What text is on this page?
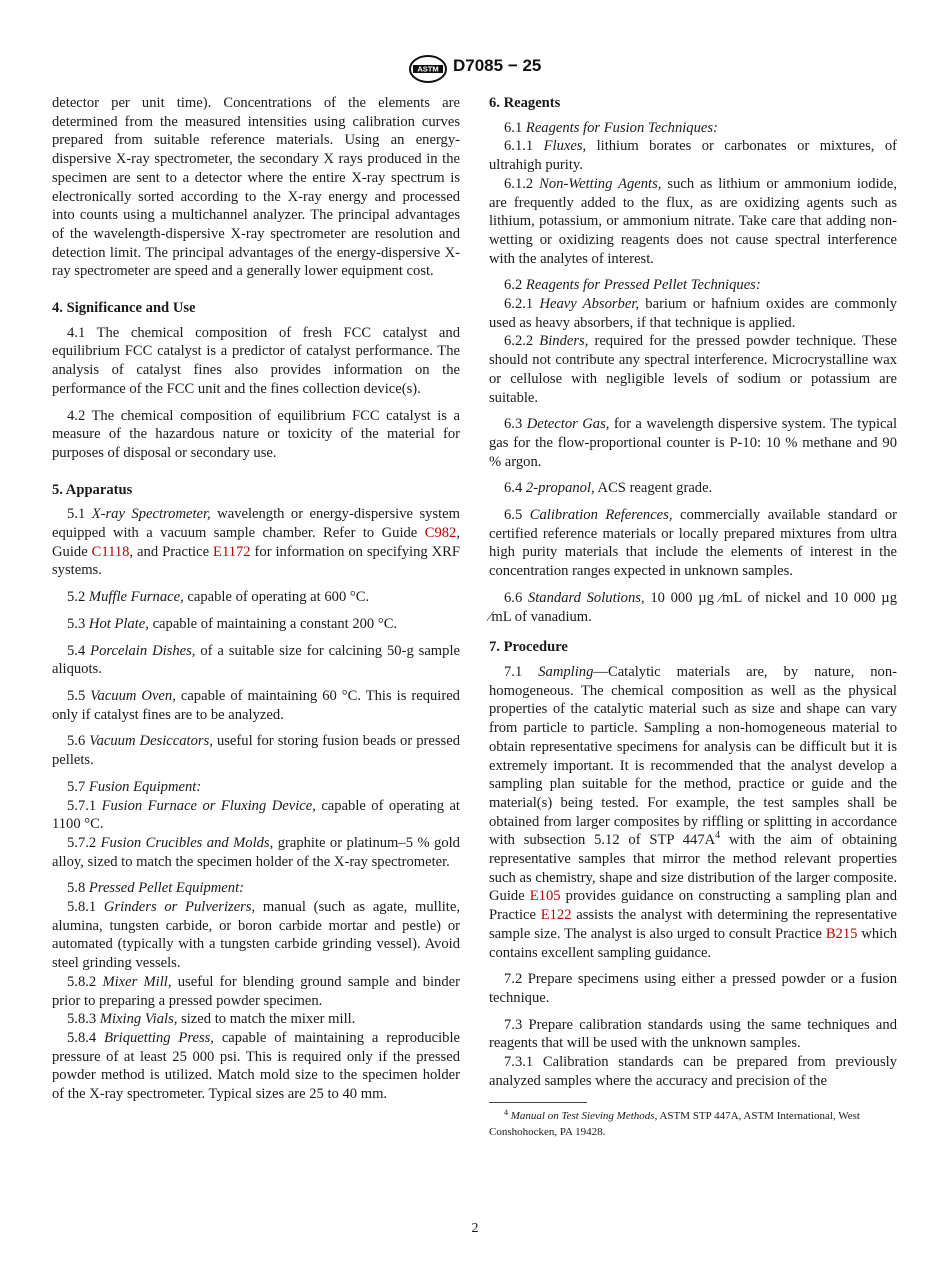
ASTM D7085 − 25

detector per unit time). Concentrations of the elements are determined from the measured intensities using calibration curves prepared from suitable reference materials. Using an energy-dispersive X-ray spectrometer, the secondary X rays produced in the specimen are sent to a detector where the entire X-ray spectrum is electronically sorted according to the X-ray energy and processed into counts using a multichannel analyzer. The principal advantages of the wavelength-dispersive X-ray spectrometer are resolution and detection limit. The principal advantages of the energy-dispersive X-ray spectrometer are speed and a generally lower equipment cost.

4. Significance and Use

4.1 The chemical composition of fresh FCC catalyst and equilibrium FCC catalyst is a predictor of catalyst performance. The analysis of catalyst fines also provides information on the performance of the FCC unit and the fines collection device(s).

4.2 The chemical composition of equilibrium FCC catalyst is a measure of the hazardous nature or toxicity of the material for purposes of disposal or secondary use.

5. Apparatus

5.1 X-ray Spectrometer, wavelength or energy-dispersive system equipped with a vacuum sample chamber. Refer to Guide C982, Guide C1118, and Practice E1172 for information on specifying XRF systems.

5.2 Muffle Furnace, capable of operating at 600 °C.

5.3 Hot Plate, capable of maintaining a constant 200 °C.

5.4 Porcelain Dishes, of a suitable size for calcining 50-g sample aliquots.

5.5 Vacuum Oven, capable of maintaining 60 °C. This is required only if catalyst fines are to be analyzed.

5.6 Vacuum Desiccators, useful for storing fusion beads or pressed pellets.

5.7 Fusion Equipment:

5.7.1 Fusion Furnace or Fluxing Device, capable of operating at 1100 °C.

5.7.2 Fusion Crucibles and Molds, graphite or platinum–5 % gold alloy, sized to match the specimen holder of the X-ray spectrometer.

5.8 Pressed Pellet Equipment:

5.8.1 Grinders or Pulverizers, manual (such as agate, mullite, alumina, tungsten carbide, or boron carbide mortar and pestle) or automated (typically with a tungsten carbide grinding vessel). Avoid steel grinding vessels.

5.8.2 Mixer Mill, useful for blending ground sample and binder prior to preparing a pressed powder specimen.

5.8.3 Mixing Vials, sized to match the mixer mill.

5.8.4 Briquetting Press, capable of maintaining a reproducible pressure of at least 25 000 psi. This is required only if the pressed powder method is utilized. Match mold size to the specimen holder of the X-ray spectrometer. Typical sizes are 25 to 40 mm.

6. Reagents

6.1 Reagents for Fusion Techniques:

6.1.1 Fluxes, lithium borates or carbonates or mixtures, of ultrahigh purity.

6.1.2 Non-Wetting Agents, such as lithium or ammonium iodide, are frequently added to the flux, as are oxidizing agents such as lithium, potassium, or ammonium nitrate. Take care that adding non-wetting or oxidizing reagents does not cause spectral interference with the analytes of interest.

6.2 Reagents for Pressed Pellet Techniques:

6.2.1 Heavy Absorber, barium or hafnium oxides are commonly used as heavy absorbers, if that technique is applied.

6.2.2 Binders, required for the pressed powder technique. These should not contribute any spectral interference. Microcrystalline wax or cellulose with negligible levels of sodium or potassium are suitable.

6.3 Detector Gas, for a wavelength dispersive system. The typical gas for the flow-proportional counter is P-10: 10 % methane and 90 % argon.

6.4 2-propanol, ACS reagent grade.

6.5 Calibration References, commercially available standard or certified reference materials or locally prepared mixtures from ultra high purity materials that include the elements of interest in the concentration ranges expected in unknown samples.

6.6 Standard Solutions, 10 000 µg ⁄mL of nickel and 10 000 µg ⁄mL of vanadium.

7. Procedure

7.1 Sampling—Catalytic materials are, by nature, non-homogeneous. The chemical composition as well as the physical properties of the catalytic material such as size and shape can vary from particle to particle. Sampling a non-homogeneous material to obtain representative specimens for analysis can be difficult but it is extremely important. It is recommended that the analyst develop a sampling plan suitable for the method, practice or guide and the material(s) being tested. For example, the test samples shall be obtained from larger composites by riffling or splitting in accordance with subsection 5.12 of STP $447A^4$ with the aim of obtaining representative samples that mirror the method relevant properties such as chemistry, shape and size distribution of the larger composite. Guide E105 provides guidance on constructing a sampling plan and Practice E122 assists the analyst with determining the representative sample size. The analyst is also urged to consult Practice B215 which contains excellent sampling guidance.

7.2 Prepare specimens using either a pressed powder or a fusion technique.

7.3 Prepare calibration standards using the same techniques and reagents that will be used with the unknown samples.

7.3.1 Calibration standards can be prepared from previously analyzed samples where the accuracy and precision of the

$^4$ Manual on Test Sieving Methods, ASTM STP 447A, ASTM International, West Conshohocken, PA 19428.

2
